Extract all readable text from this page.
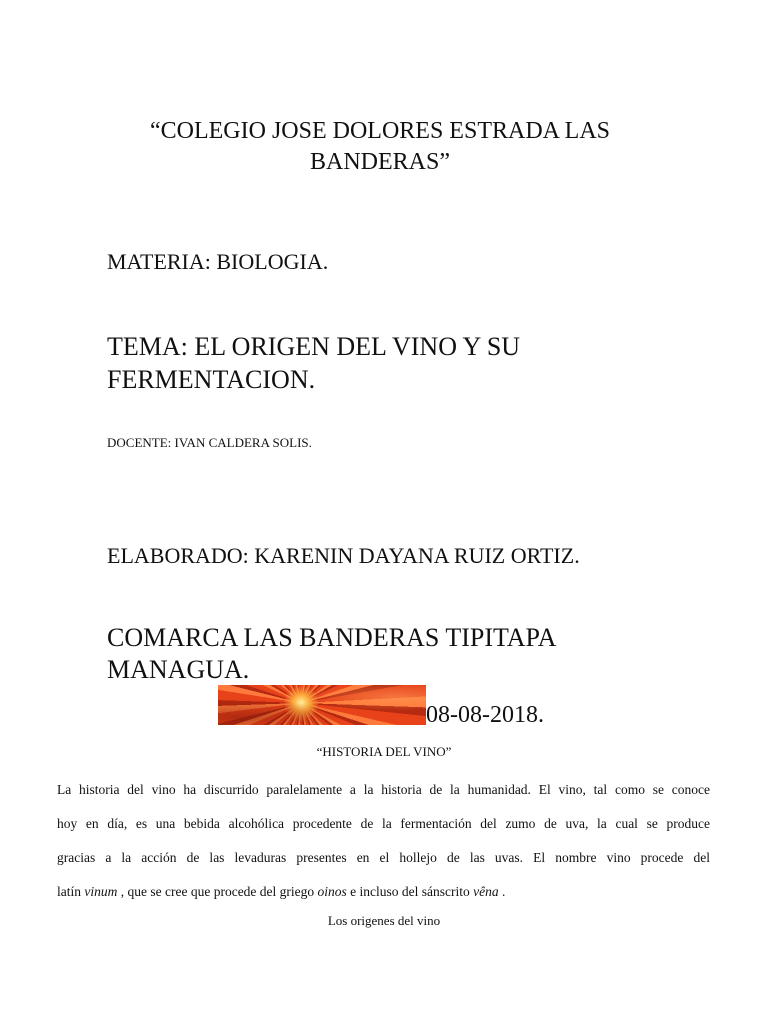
“COLEGIO JOSE DOLORES ESTRADA LAS
BANDERAS”
MATERIA: BIOLOGIA.
TEMA: EL ORIGEN DEL VINO Y SU
FERMENTACION.
DOCENTE: IVAN CALDERA SOLIS.
ELABORADO: KARENIN DAYANA RUIZ ORTIZ.
COMARCA LAS BANDERAS TIPITAPA
MANAGUA.
08-08-2018.
“HISTORIA DEL VINO”
La historia del vino ha discurrido paralelamente a la historia de la humanidad. El vino, tal como se conoce
hoy en día, es una bebida alcohólica procedente de la fermentación del zumo de uva, la cual se produce
gracias a la acción de las levaduras presentes en el hollejo de las uvas. El nombre vino procede del
latín vinum , que se cree que procede del griego oinos e incluso del sánscrito vêna .
Los origenes del vino
